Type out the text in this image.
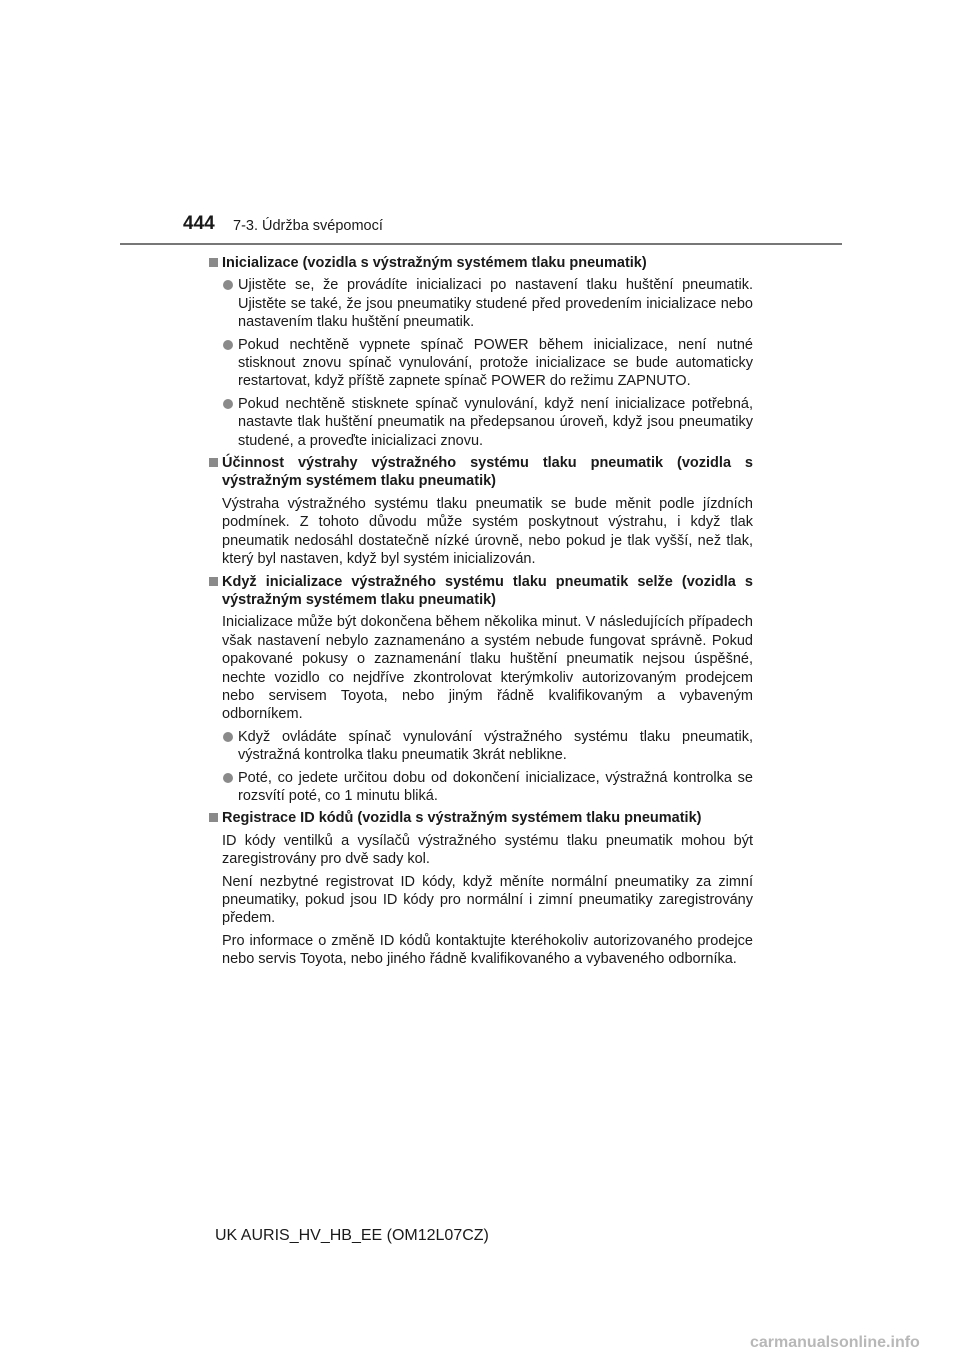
444 7-3. Údržba svépomocí
Inicializace (vozidla s výstražným systémem tlaku pneumatik)
Ujistěte se, že provádíte inicializaci po nastavení tlaku huštění pneumatik. Ujistěte se také, že jsou pneumatiky studené před provedením inicializace nebo nastavením tlaku huštění pneumatik.
Pokud nechtěně vypnete spínač POWER během inicializace, není nutné stisknout znovu spínač vynulování, protože inicializace se bude automaticky restartovat, když příště zapnete spínač POWER do režimu ZAPNUTO.
Pokud nechtěně stisknete spínač vynulování, když není inicializace potřebná, nastavte tlak huštění pneumatik na předepsanou úroveň, když jsou pneumatiky studené, a proveďte inicializaci znovu.
Účinnost výstrahy výstražného systému tlaku pneumatik (vozidla s výstražným systémem tlaku pneumatik)
Výstraha výstražného systému tlaku pneumatik se bude měnit podle jízdních podmínek. Z tohoto důvodu může systém poskytnout výstrahu, i když tlak pneumatik nedosáhl dostatečně nízké úrovně, nebo pokud je tlak vyšší, než tlak, který byl nastaven, když byl systém inicializován.
Když inicializace výstražného systému tlaku pneumatik selže (vozidla s výstražným systémem tlaku pneumatik)
Inicializace může být dokončena během několika minut. V následujících případech však nastavení nebylo zaznamenáno a systém nebude fungovat správně. Pokud opakované pokusy o zaznamenání tlaku huštění pneumatik nejsou úspěšné, nechte vozidlo co nejdříve zkontrolovat kterýmkoliv autorizovaným prodejcem nebo servisem Toyota, nebo jiným řádně kvalifikovaným a vybaveným odborníkem.
Když ovládáte spínač vynulování výstražného systému tlaku pneumatik, výstražná kontrolka tlaku pneumatik 3krát neblikne.
Poté, co jedete určitou dobu od dokončení inicializace, výstražná kontrolka se rozsvítí poté, co 1 minutu bliká.
Registrace ID kódů (vozidla s výstražným systémem tlaku pneumatik)
ID kódy ventilků a vysílačů výstražného systému tlaku pneumatik mohou být zaregistrovány pro dvě sady kol.
Není nezbytné registrovat ID kódy, když měníte normální pneumatiky za zimní pneumatiky, pokud jsou ID kódy pro normální i zimní pneumatiky zaregistrovány předem.
Pro informace o změně ID kódů kontaktujte kteréhokoliv autorizovaného prodejce nebo servis Toyota, nebo jiného řádně kvalifikovaného a vybaveného odborníka.
UK AURIS_HV_HB_EE (OM12L07CZ)
carmanualsonline.info
